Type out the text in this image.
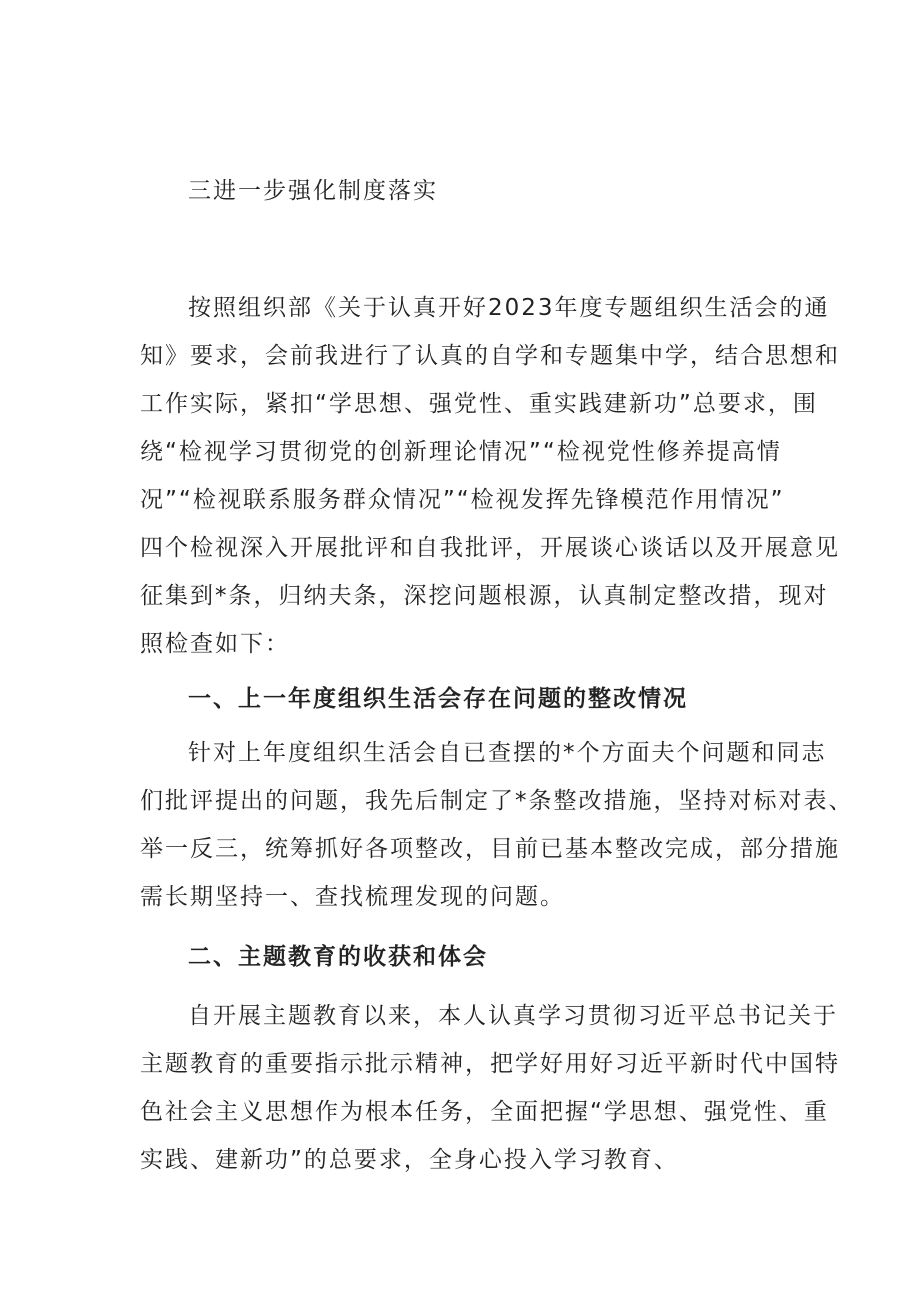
三进一步强化制度落实
按照组织部《关于认真开好2023年度专题组织生活会的通
知》要求，会前我进行了认真的自学和专题集中学，结合思想和
工作实际，紧扣“学思想、强党性、重实践建新功”总要求，围
绕“检视学习贯彻党的创新理论情况”“检视党性修养提高情
况”“检视联系服务群众情况”“检视发挥先锋模范作用情况”
四个检视深入开展批评和自我批评，开展谈心谈话以及开展意见
征集到*条，归纳夫条，深挖问题根源，认真制定整改措，现对
照检查如下：
一、上一年度组织生活会存在问题的整改情况
针对上年度组织生活会自已查摆的*个方面夫个问题和同志
们批评提出的问题，我先后制定了*条整改措施，坚持对标对表、
举一反三，统筹抓好各项整改，目前已基本整改完成，部分措施
需长期坚持一、查找梳理发现的问题。
二、主题教育的收获和体会
自开展主题教育以来，本人认真学习贯彻习近平总书记关于
主题教育的重要指示批示精神，把学好用好习近平新时代中国特
色社会主义思想作为根本任务，全面把握“学思想、强党性、重
实践、建新功”的总要求，全身心投入学习教育、
